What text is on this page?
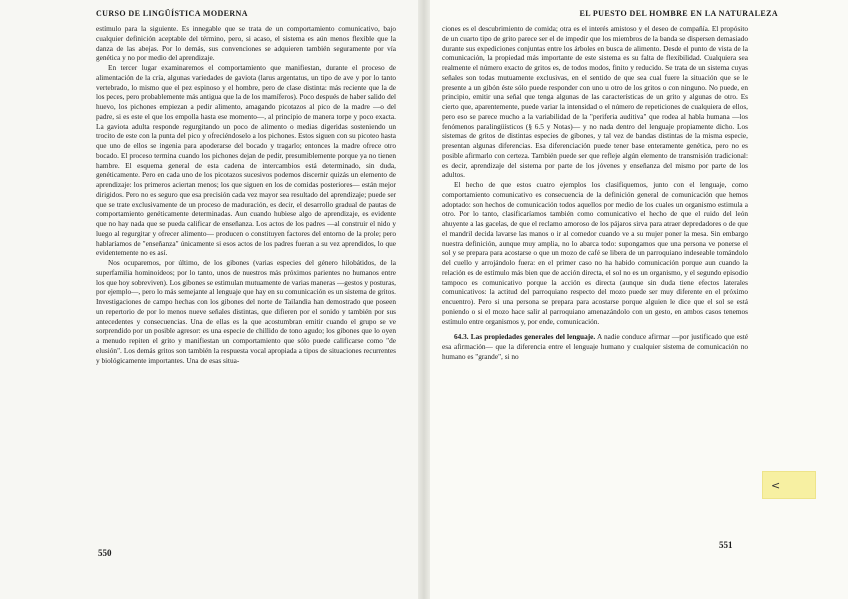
CURSO DE LINGÜÍSTICA MODERNA

estímulo para la siguiente. Es innegable que se trata de un comportamiento comunicativo, bajo cualquier definición aceptable del término, pero, si acaso, el sistema es aún menos flexible que la danza de las abejas. Por lo demás, sus convenciones se adquieren también seguramente por vía genética y no por medio del aprendizaje.

En tercer lugar examinaremos el comportamiento que manifiestan, durante el proceso de alimentación de la cría, algunas variedades de gaviota (larus argentatus, un tipo de ave y por lo tanto vertebrado, lo mismo que el pez espinoso y el hombre, pero de clase distinta: más reciente que la de los peces, pero probablemente más antigua que la de los mamíferos). Poco después de haber salido del huevo, los pichones empiezan a pedir alimento, amagando picotazos al pico de la madre —o del padre, si es este el que los empolla hasta ese momento—, al principio de manera torpe y poco exacta. La gaviota adulta responde regurgitando un poco de alimento o medias digeridas sosteniendo un trocito de este con la punta del pico y ofreciéndoselo a los pichones. Estos siguen con su picoteo hasta que uno de ellos se ingenia para apoderarse del bocado y tragarlo; entonces la madre ofrece otro bocado. El proceso termina cuando los pichones dejan de pedir, presumiblemente porque ya no tienen hambre. El esquema general de esta cadena de intercambios está determinado, sin duda, genéticamente. Pero en cada uno de los picotazos sucesivos podemos discernir quizás un elemento de aprendizaje: los primeros aciertan menos; los que siguen en los de comidas posteriores— están mejor dirigidos. Pero no es seguro que esa precisión cada vez mayor sea resultado del aprendizaje; puede ser que se trate exclusivamente de un proceso de maduración, es decir, el desarrollo gradual de pautas de comportamiento genéticamente determinadas. Aun cuando hubiese algo de aprendizaje, es evidente que no hay nada que se pueda calificar de enseñanza. Los actos de los padres —al construir el nido y luego al regurgitar y ofrecer alimento— producen o constituyen factores del entorno de la prole; pero hablaríamos de "enseñanza" únicamente si esos actos de los padres fueran a su vez aprendidos, lo que evidentemente no es así.

Nos ocuparemos, por último, de los gibones (varias especies del género hilobátidos, de la superfamilia hominoideos; por lo tanto, unos de nuestros más próximos parientes no humanos entre los que hoy sobreviven). Los gibones se estimulan mutuamente de varias maneras —gestos y posturas, por ejemplo—, pero lo más semejante al lenguaje que hay en su comunicación es un sistema de gritos. Investigaciones de campo hechas con los gibones del norte de Tailandia han demostrado que poseen un repertorio de por lo menos nueve señales distintas, que difieren por el sonido y también por sus antecedentes y consecuencias. Una de ellas es la que acostumbran emitir cuando el grupo se ve sorprendido por un posible agresor: es una especie de chillido de tono agudo; los gibones que lo oyen a menudo repiten el grito y manifiestan un comportamiento que sólo puede calificarse como "de elusión". Los demás gritos son también la respuesta vocal apropiada a tipos de situaciones recurrentes y biológicamente importantes. Una de esas situa-

550
EL PUESTO DEL HOMBRE EN LA NATURALEZA

ciones es el descubrimiento de comida; otra es el interés amistoso y el deseo de compañía. El propósito de un cuarto tipo de grito parece ser el de impedir que los miembros de la banda se dispersen demasiado durante sus expediciones conjuntas entre los árboles en busca de alimento. Desde el punto de vista de la comunicación, la propiedad más importante de este sistema es su falta de flexibilidad. Cualquiera sea realmente el número exacto de gritos es, de todos modos, finito y reducido. Se trata de un sistema cuyas señales son todas mutuamente exclusivas, en el sentido de que sea cual fuere la situación que se le presente a un gibón éste sólo puede responder con uno u otro de los gritos o con ninguno. No puede, en principio, emitir una señal que tenga algunas de las características de un grito y algunas de otro. Es cierto que, aparentemente, puede variar la intensidad o el número de repeticiones de cualquiera de ellos, pero eso se parece mucho a la variabilidad de la "periferia auditiva" que rodea al habla humana —los fenómenos paralingüísticos (§ 6.5 y Notas)— y no nada dentro del lenguaje propiamente dicho. Los sistemas de gritos de distintas especies de gibones, y tal vez de bandas distintas de la misma especie, presentan algunas diferencias. Esa diferenciación puede tener base enteramente genética, pero no es posible afirmarlo con certeza. También puede ser que refleje algún elemento de transmisión tradicional: es decir, aprendizaje del sistema por parte de los jóvenes y enseñanza del mismo por parte de los adultos.

El hecho de que estos cuatro ejemplos los clasifiquemos, junto con el lenguaje, como comportamiento comunicativo es consecuencia de la definición general de comunicación que hemos adoptado: son hechos de comunicación todos aquellos por medio de los cuales un organismo estimula a otro. Por lo tanto, clasificaríamos también como comunicativo el hecho de que el ruido del león ahuyente a las gacelas, de que el reclamo amoroso de los pájaros sirva para atraer depredadores o de que el mandril decida lavarse las manos o ir al comedor cuando ve a su mujer poner la mesa. Sin embargo nuestra definición, aunque muy amplia, no lo abarca todo: supongamos que una persona ve ponerse el sol y se prepara para acostarse o que un mozo de café se libera de un parroquiano indeseable tomándolo del cuello y arrojándolo fuera: en el primer caso no ha habido comunicación porque aun cuando la relación es de estímulo más bien que de acción directa, el sol no es un organismo, y el segundo episodio tampoco es comunicativo porque la acción es directa (aunque sin duda tiene efectos laterales comunicativos: la actitud del parroquiano respecto del mozo puede ser muy diferente en el próximo encuentro). Pero si una persona se prepara para acostarse porque alguien le dice que el sol se está poniendo o si el mozo hace salir al parroquiano amenazándolo con un gesto, en ambos casos tenemos estímulo entre organismos y, por ende, comunicación.

64.3. Las propiedades generales del lenguaje. A nadie conduce afirmar —por justificado que esté esa afirmación— que la diferencia entre el lenguaje humano y cualquier sistema de comunicación no humano es "grande", si no

551
<
